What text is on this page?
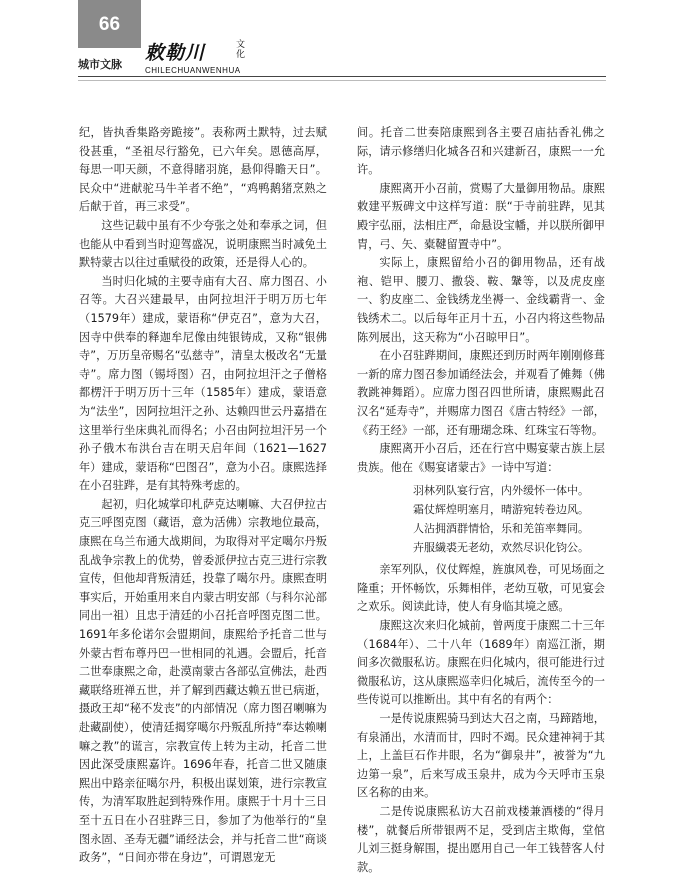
66
城市文脉
敕勒川
CHILECHUANWENHUA
文化

纪，皆执香集路旁跪接”。表称两土默特，过去赋役甚重，“圣祖尽行豁免，已六年矣。恩德高厚，每思一叩天颜，不意得睹羽旄，悬仰得瞻天日”。民众中“进献驼马牛羊者不绝”，“鸡鸭鹅猪烹熟之后献于首，再三求受”。

这些记载中虽有不少夸张之处和奉承之词，但也能从中看到当时迎驾盛况，说明康熙当时减免土默特蒙古以往过重赋役的政策，还是得人心的。

当时归化城的主要寺庙有大召、席力图召、小召等。大召兴建最早，由阿拉坦汗于明万历七年（1579年）建成，蒙语称“伊克召”，意为大召，因寺中供奉的释迦牟尼像由纯银铸成，又称“银佛寺”，万历皇帝赐名“弘慈寺”，清皇太极改名“无量寺”。席力图（锡埒图）召，由阿拉坦汗之子僧格都楞汗于明万历十三年（1585年）建成，蒙语意为“法坐”，因阿拉坦汗之孙、达赖四世云丹嘉措在这里举行坐床典礼而得名；小召由阿拉坦汗另一个孙子俄木布洪台吉在明天启年间（1621—1627年）建成，蒙语称“巴图召”，意为小召。康熙选择在小召驻跸，是有其特殊考虑的。

起初，归化城掌印札萨克达喇嘛、大召伊拉古克三呼图克图（藏语，意为活佛）宗教地位最高，康熙在乌兰布通大战期间，为取得对平定噶尔丹叛乱战争宗教上的优势，曾委派伊拉古克三进行宗教宣传，但他却背叛清廷，投靠了噶尔丹。康熙查明事实后，开始重用来自内蒙古明安部（与科尔沁部同出一祖）且忠于清廷的小召托音呼图克图二世。1691年多伦诺尔会盟期间，康熙给予托音二世与外蒙古哲布尊丹巴一世相同的礼遇。会盟后，托音二世奉康熙之命，赴漠南蒙古各部弘宣佛法，赴西藏联络班禅五世，并了解到西藏达赖五世已病逝，摄政王却“秘不发丧”的内部情况（席力图召喇嘛为赴藏副使），使清廷揭穿噶尔丹叛乱所持“奉达赖喇嘛之教”的谎言，宗教宣传上转为主动，托音二世因此深受康熙嘉许。1696年春，托音二世又随康熙出中路亲征噶尔丹，积极出谋划策，进行宗教宣传，为清军取胜起到特殊作用。康熙于十月十三日至十五日在小召驻跸三日，参加了为他举行的“皇图永固、圣寿无疆”诵经法会，并与托音二世“商谈政务”，“日间亦带在身边”，可谓恩宠无

间。托音二世奏陪康熙到各主要召庙拈香礼佛之际，请示修缮归化城各召和兴建新召，康熙一一允许。

康熙离开小召前，赏赐了大量御用物品。康熙敕建平叛碑文中这样写道：朕“于寺前驻跸，见其殿宇弘丽，法相庄严，命悬设宝幡，并以朕所御甲胄，弓、矢、橐鞬留置寺中”。

实际上，康熙留给小召的御用物品，还有战袍、铠甲、腰刀、撒袋、鞍、鞶等，以及虎皮座一、豹皮座二、金钱绣龙坐褥一、金线霸背一、金钱绣术二。以后每年正月十五，小召内将这些物品陈列展出，这天称为“小召晾甲日”。

在小召驻跸期间，康熙还到历时两年刚刚修葺一新的席力图召参加诵经法会，并观看了傩舞（佛教跳神舞蹈）。应席力图召四世所请，康熙赐此召汉名“延寿寺”，并赐席力图召《唐古特经》一部，《药王经》一部，还有珊瑚念珠、红珠宝石等物。

康熙离开小召后，还在行宫中赐宴蒙古族上层贵族。他在《赐宴诸蒙古》一诗中写道：

羽林列队宴行宫，内外缓怀一体中。
霜仗辉煌明塞月，晴游宛转卷边风。
人沾拥酒群情恰，乐和羌笛率舞同。
卉服繊裘无老幼，欢然尽识化钧公。

亲军列队，仪仗辉煌，旌旗风卷，可见场面之隆重；开怀畅饮，乐舞相伴，老幼互敬，可见宴会之欢乐。阅读此诗，使人有身临其境之感。

康熙这次来归化城前，曾两度于康熙二十三年（1684年）、二十八年（1689年）南巡江浙，期间多次微服私访。康熙在归化城内，很可能进行过微服私访，这从康熙巡幸归化城后，流传至今的一些传说可以推断出。其中有名的有两个：

一是传说康熙骑马到达大召之南，马蹄踏地，有泉涌出，水清而甘，四时不竭。民众建神祠于其上，上盖巨石作井眼，名为“御泉井”，被誉为“九边第一泉”，后来写成玉泉井，成为今天呼市玉泉区名称的由来。

二是传说康熙私访大召前戏楼兼酒楼的“得月楼”，就餐后所带银两不足，受到店主欺侮，堂倌儿刘三挺身解围，提出愿用自己一年工钱替客人付款。
